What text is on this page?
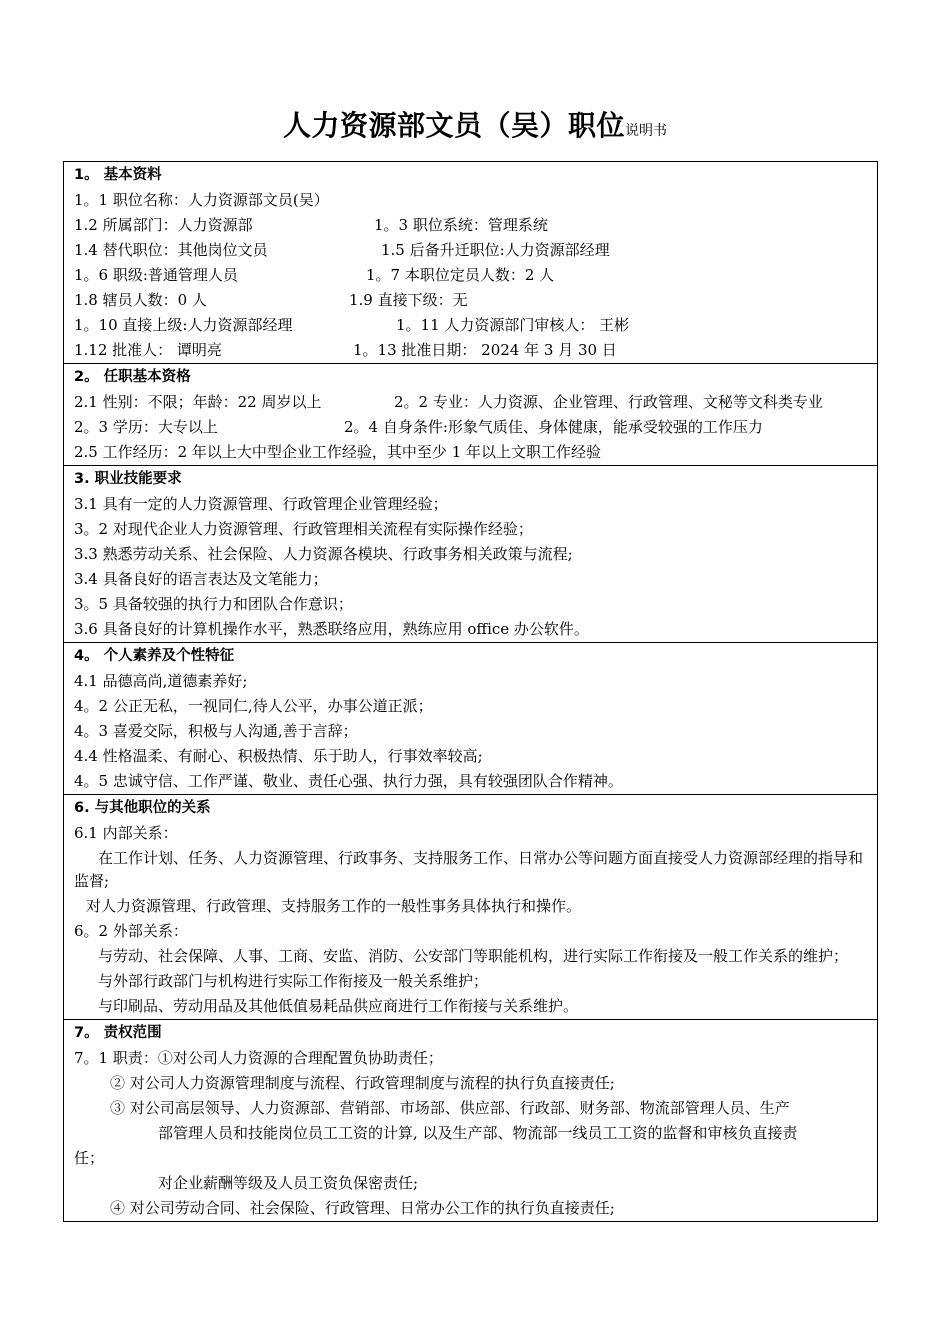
人力资源部文员（吴）职位说明书
1。 基本资料
1。1 职位名称：人力资源部文员(吴）
1.2 所属部门：人力资源部	1。3 职位系统：管理系统
1.4 替代职位：其他岗位文员	1.5 后备升迁职位:人力资源部经理
1。6 职级:普通管理人员	1。7 本职位定员人数：2 人
1.8 辖员人数：0 人	1.9 直接下级：无
1。10 直接上级:人力资源部经理	1。11 人力资源部门审核人： 王彬
1.12 批准人： 谭明亮	1。13 批准日期： 2024 年 3 月 30 日
2。 任职基本资格
2.1 性别：不限；年龄：22 周岁以上	2。2 专业：人力资源、企业管理、行政管理、文秘等文科类专业
2。3 学历：大专以上	2。4 自身条件:形象气质佳、身体健康，能承受较强的工作压力
2.5 工作经历：2 年以上大中型企业工作经验，其中至少 1 年以上文职工作经验
3. 职业技能要求
3.1 具有一定的人力资源管理、行政管理企业管理经验；
3。2 对现代企业人力资源管理、行政管理相关流程有实际操作经验；
3.3 熟悉劳动关系、社会保险、人力资源各模块、行政事务相关政策与流程;
3.4 具备良好的语言表达及文笔能力；
3。5 具备较强的执行力和团队合作意识；
3.6 具备良好的计算机操作水平，熟悉联络应用，熟练应用 office 办公软件。
4。 个人素养及个性特征
4.1 品德高尚,道德素养好;
4。2 公正无私，一视同仁,待人公平，办事公道正派；
4。3 喜爱交际，积极与人沟通,善于言辞；
4.4 性格温柔、有耐心、积极热情、乐于助人，行事效率较高;
4。5 忠诚守信、工作严谨、敬业、责任心强、执行力强，具有较强团队合作精神。
6. 与其他职位的关系
6.1 内部关系：
在工作计划、任务、人力资源管理、行政事务、支持服务工作、日常办公等问题方面直接受人力资源部经理的指导和监督;
对人力资源管理、行政管理、支持服务工作的一般性事务具体执行和操作。
6。2 外部关系：
与劳动、社会保障、人事、工商、安监、消防、公安部门等职能机构，进行实际工作衔接及一般工作关系的维护；
与外部行政部门与机构进行实际工作衔接及一般关系维护；
与印刷品、劳动用品及其他低值易耗品供应商进行工作衔接与关系维护。
7。 责权范围
7。1 职责：①对公司人力资源的合理配置负协助责任；
② 对公司人力资源管理制度与流程、行政管理制度与流程的执行负直接责任;
③ 对公司高层领导、人力资源部、营销部、市场部、供应部、行政部、财务部、物流部管理人员、生产
部管理人员和技能岗位员工工资的计算, 以及生产部、物流部一线员工工资的监督和审核负直接责
任；
对企业薪酬等级及人员工资负保密责任;
④ 对公司劳动合同、社会保险、行政管理、日常办公工作的执行负直接责任;
